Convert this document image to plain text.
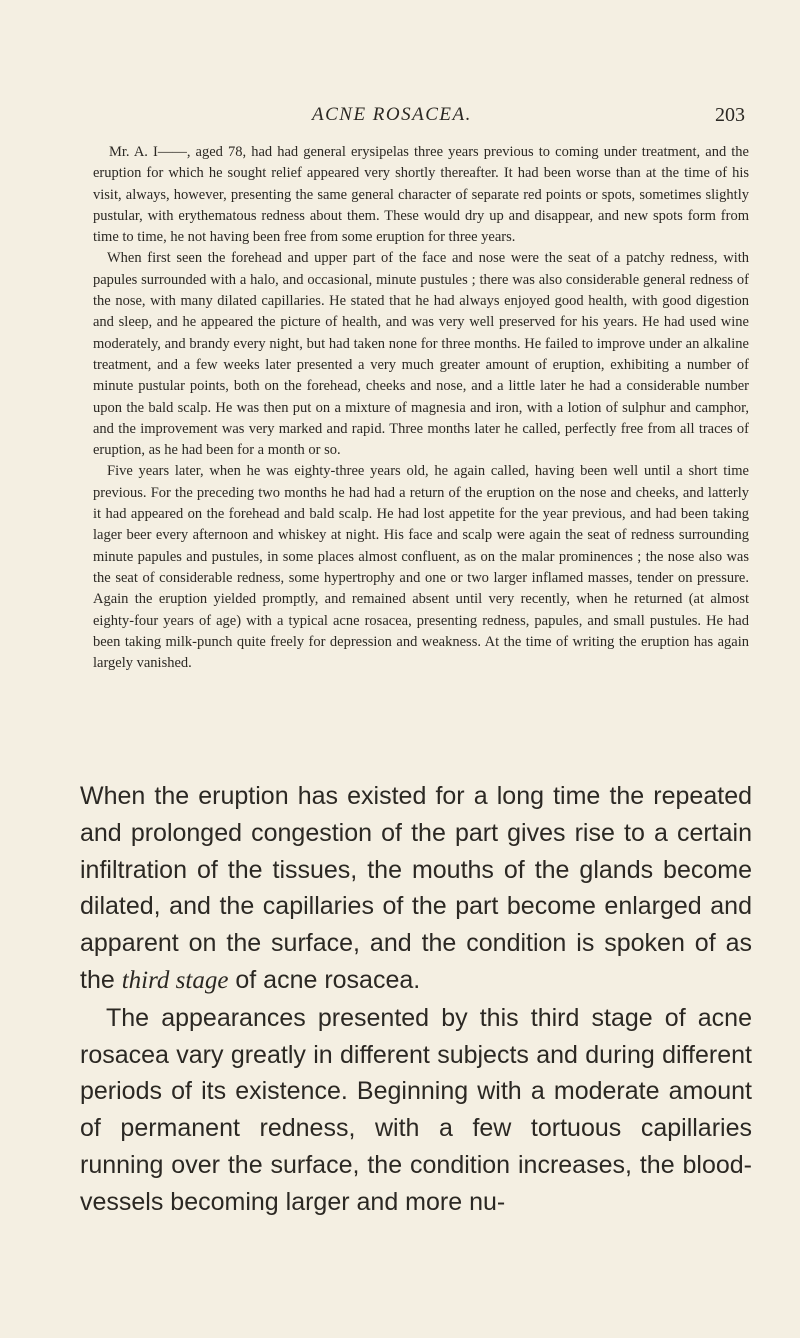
ACNE ROSACEA.	203

Mr. A. I——, aged 78, had had general erysipelas three years previous to coming under treatment, and the eruption for which he sought relief appeared very shortly thereafter. It had been worse than at the time of his visit, always, however, presenting the same general character of separate red points or spots, sometimes slightly pustular, with erythematous redness about them. These would dry up and disappear, and new spots form from time to time, he not having been free from some eruption for three years.

When first seen the forehead and upper part of the face and nose were the seat of a patchy redness, with papules surrounded with a halo, and occasional, minute pustules ; there was also considerable general redness of the nose, with many dilated capillaries. He stated that he had always enjoyed good health, with good digestion and sleep, and he appeared the picture of health, and was very well preserved for his years. He had used wine moderately, and brandy every night, but had taken none for three months. He failed to improve under an alkaline treatment, and a few weeks later presented a very much greater amount of eruption, exhibiting a number of minute pustular points, both on the forehead, cheeks and nose, and a little later he had a considerable number upon the bald scalp. He was then put on a mixture of magnesia and iron, with a lotion of sulphur and camphor, and the improvement was very marked and rapid. Three months later he called, perfectly free from all traces of eruption, as he had been for a month or so.

Five years later, when he was eighty-three years old, he again called, having been well until a short time previous. For the preceding two months he had had a return of the eruption on the nose and cheeks, and latterly it had appeared on the forehead and bald scalp. He had lost appetite for the year previous, and had been taking lager beer every afternoon and whiskey at night. His face and scalp were again the seat of redness surrounding minute papules and pustules, in some places almost confluent, as on the malar prominences ; the nose also was the seat of considerable redness, some hypertrophy and one or two larger inflamed masses, tender on pressure. Again the eruption yielded promptly, and remained absent until very recently, when he returned (at almost eighty-four years of age) with a typical acne rosacea, presenting redness, papules, and small pustules. He had been taking milk-punch quite freely for depression and weakness. At the time of writing the eruption has again largely vanished.

When the eruption has existed for a long time the repeated and prolonged congestion of the part gives rise to a certain infiltration of the tissues, the mouths of the glands become dilated, and the capillaries of the part become enlarged and apparent on the surface, and the condition is spoken of as the third stage of acne rosacea.

The appearances presented by this third stage of acne rosacea vary greatly in different subjects and during different periods of its existence. Beginning with a moderate amount of permanent redness, with a few tortuous capillaries running over the surface, the condition increases, the blood-vessels becoming larger and more nu-
